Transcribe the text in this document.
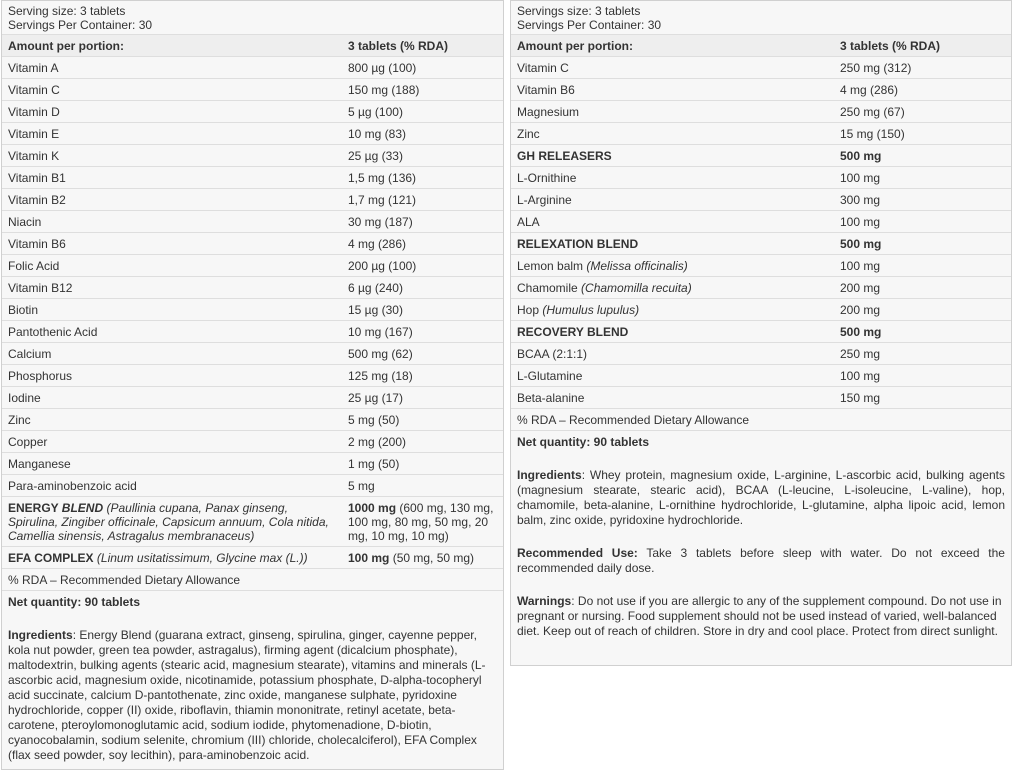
Serving size: 3 tablets
Servings Per Container: 30
Amount per portion:	3 tablets (% RDA)
Vitamin A	800 µg (100)
Vitamin C	150 mg (188)
Vitamin D	5 µg (100)
Vitamin E	10 mg (83)
Vitamin K	25 µg (33)
Vitamin B1	1,5 mg (136)
Vitamin B2	1,7 mg (121)
Niacin	30 mg (187)
Vitamin B6	4 mg (286)
Folic Acid	200 µg (100)
Vitamin B12	6 µg (240)
Biotin	15 µg (30)
Pantothenic Acid	10 mg (167)
Calcium	500 mg (62)
Phosphorus	125 mg (18)
Iodine	25 µg (17)
Zinc	5 mg (50)
Copper	2 mg (200)
Manganese	1 mg (50)
Para-aminobenzoic acid	5 mg
ENERGY BLEND (Paullinia cupana, Panax ginseng, Spirulina, Zingiber officinale, Capsicum annuum, Cola nitida, Camellia sinensis, Astragalus membranaceus)	1000 mg (600 mg, 130 mg, 100 mg, 80 mg, 50 mg, 20 mg, 10 mg, 10 mg)
EFA COMPLEX (Linum usitatissimum, Glycine max (L.))	100 mg (50 mg, 50 mg)
% RDA – Recommended Dietary Allowance	
Net quantity: 90 tablets
Ingredients: Energy Blend (guarana extract, ginseng, spirulina, ginger, cayenne pepper, kola nut powder, green tea powder, astragalus), firming agent (dicalcium phosphate), maltodextrin, bulking agents (stearic acid, magnesium stearate), vitamins and minerals (L-ascorbic acid, magnesium oxide, nicotinamide, potassium phosphate, D-alpha-tocopheryl acid succinate, calcium D-pantothenate, zinc oxide, manganese sulphate, pyridoxine hydrochloride, copper (II) oxide, riboflavin, thiamin mononitrate, retinyl acetate, beta-carotene, pteroylomonoglutamic acid, sodium iodide, phytomenadione, D-biotin, cyanocobalamin, sodium selenite, chromium (III) chloride, cholecalciferol), EFA Complex (flax seed powder, soy lecithin), para-aminobenzoic acid.
Servings size: 3 tablets
Servings Per Container: 30
Amount per portion:	3 tablets (% RDA)
Vitamin C	250 mg (312)
Vitamin B6	4 mg (286)
Magnesium	250 mg (67)
Zinc	15 mg (150)
GH RELEASERS	500 mg
L-Ornithine	100 mg
L-Arginine	300 mg
ALA	100 mg
RELEXATION BLEND	500 mg
Lemon balm (Melissa officinalis)	100 mg
Chamomile (Chamomilla recuita)	200 mg
Hop (Humulus lupulus)	200 mg
RECOVERY BLEND	500 mg
BCAA (2:1:1)	250 mg
L-Glutamine	100 mg
Beta-alanine	150 mg
% RDA – Recommended Dietary Allowance	
Net quantity: 90 tablets
Ingredients: Whey protein, magnesium oxide, L-arginine, L-ascorbic acid, bulking agents (magnesium stearate, stearic acid), BCAA (L-leucine, L-isoleucine, L-valine), hop, chamomile, beta-alanine, L-ornithine hydrochloride, L-glutamine, alpha lipoic acid, lemon balm, zinc oxide, pyridoxine hydrochloride.
Recommended Use: Take 3 tablets before sleep with water. Do not exceed the recommended daily dose.
Warnings: Do not use if you are allergic to any of the supplement compound. Do not use in pregnant or nursing. Food supplement should not be used instead of varied, well-balanced diet. Keep out of reach of children. Store in dry and cool place. Protect from direct sunlight.
